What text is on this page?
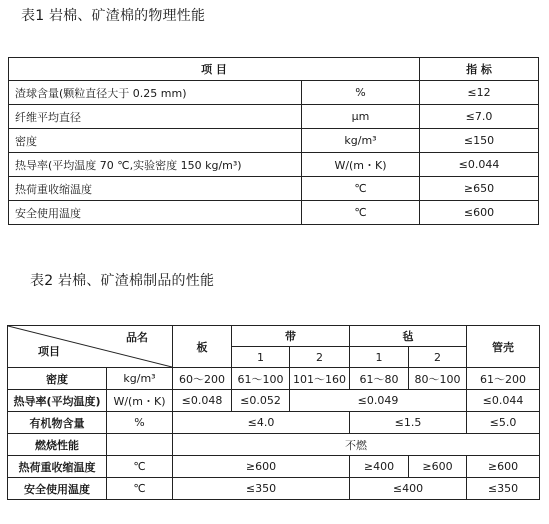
表1 岩棉、矿渣棉的物理性能
项 目		指 标
渣球含量(颗粒直径大于 0.25 mm)	%	≤12
纤维平均直径	μm	≤7.0
密度	kg/m³	≤150
热导率(平均温度 70 ℃,实验密度 150 kg/m³)	W/(m・K)	≤0.044
热荷重收缩温度	℃	≥650
安全使用温度	℃	≤600
表2 岩棉、矿渣棉制品的性能
品名
项目		板	带		毡		管壳
			1	2	1	2	
密度	kg/m³	60～200	61～100	101～160	61～80	80～100	61～200
热导率(平均温度)	W/(m・K)	≤0.048	≤0.052	≤0.049			≤0.044
有机物含量	%	≤4.0			≤1.5		≤5.0
燃烧性能		不燃					
热荷重收缩温度	℃	≥600			≥400	≥600	≥600
安全使用温度	℃	≤350			≤400		≤350
